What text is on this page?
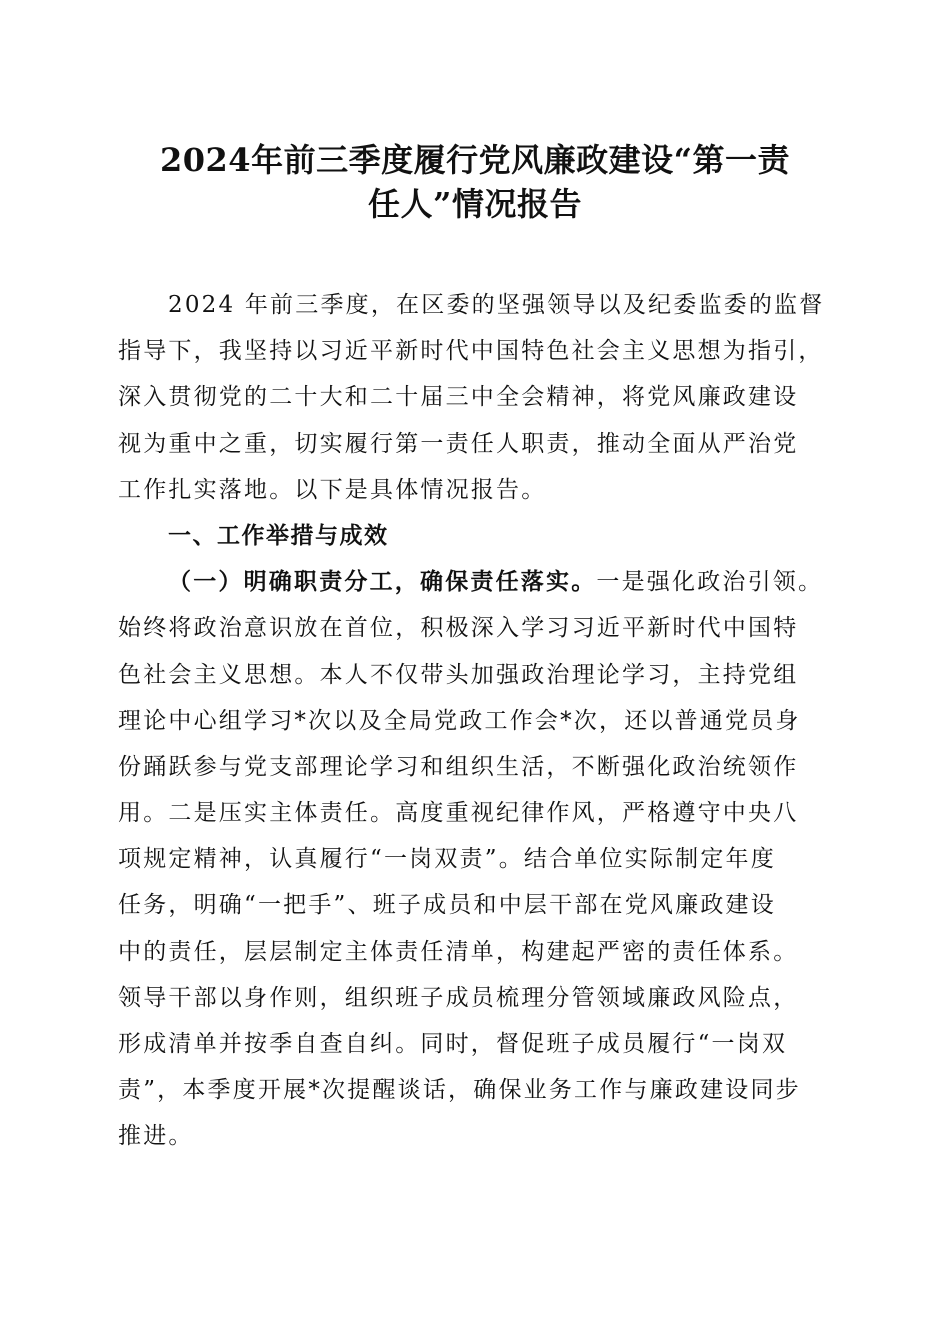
2024年前三季度履行党风廉政建设“第一责
任人”情况报告
2024 年前三季度，在区委的坚强领导以及纪委监委的监督
指导下，我坚持以习近平新时代中国特色社会主义思想为指引，
深入贯彻党的二十大和二十届三中全会精神，将党风廉政建设
视为重中之重，切实履行第一责任人职责，推动全面从严治党
工作扎实落地。以下是具体情况报告。
一、工作举措与成效
（一）明确职责分工，确保责任落实。一是强化政治引领。
始终将政治意识放在首位，积极深入学习习近平新时代中国特
色社会主义思想。本人不仅带头加强政治理论学习，主持党组
理论中心组学习*次以及全局党政工作会*次，还以普通党员身
份踊跃参与党支部理论学习和组织生活，不断强化政治统领作
用。二是压实主体责任。高度重视纪律作风，严格遵守中央八
项规定精神，认真履行“一岗双责”。结合单位实际制定年度
任务，明确“一把手”、班子成员和中层干部在党风廉政建设
中的责任，层层制定主体责任清单，构建起严密的责任体系。
领导干部以身作则，组织班子成员梳理分管领域廉政风险点，
形成清单并按季自查自纠。同时，督促班子成员履行“一岗双
责”，本季度开展*次提醒谈话，确保业务工作与廉政建设同步
推进。
